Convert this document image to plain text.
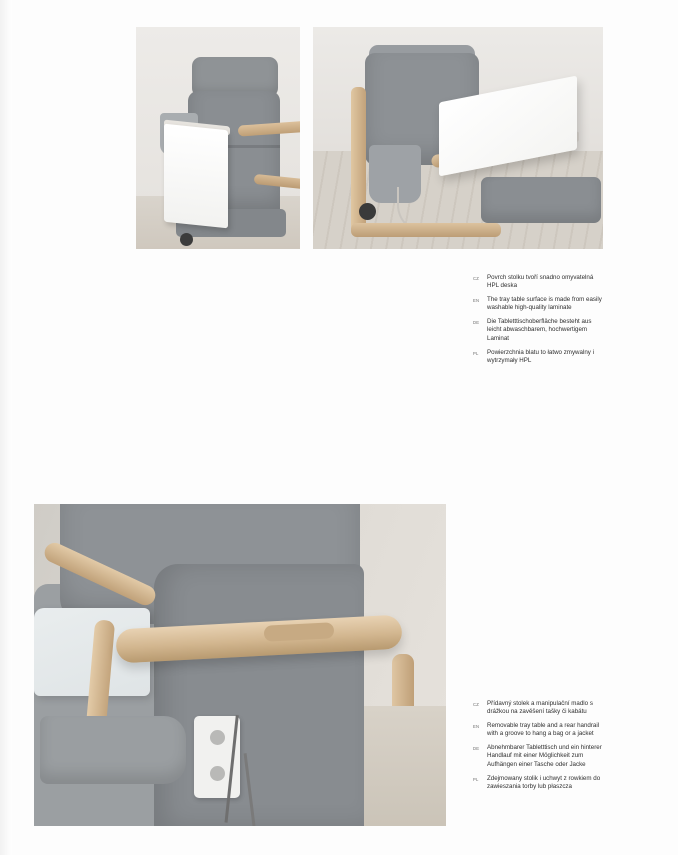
CZ	Povrch stolku tvoří snadno omyvatelná HPL deska
EN	The tray table surface is made from easily washable high-quality laminate
DE	Die Tabletttischoberfläche besteht aus leicht abwaschbarem, hochwertigem Laminat
PL	Powierzchnia blatu to łatwo zmywalny i wytrzymały HPL
CZ	Přídavný stolek a manipulační madlo s drážkou na zavěšení tašky či kabátu
EN	Removable tray table and a rear handrail with a groove to hang a bag or a jacket
DE	Abnehmbarer Tabletttisch und ein hinterer Handlauf mit einer Möglichkeit zum Aufhängen einer Tasche oder Jacke
PL	Zdejmowany stolik i uchwyt z rowkiem do zawieszania torby lub płaszcza
